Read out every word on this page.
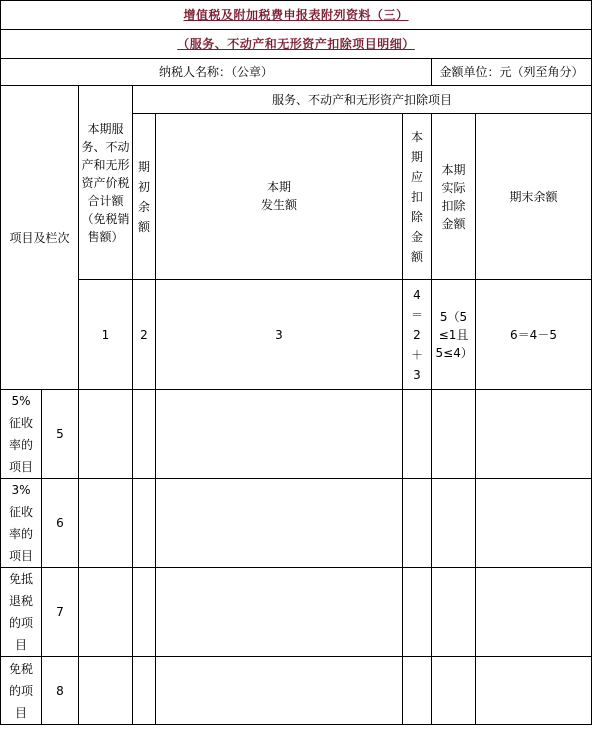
增值税及附加税费申报表附列资料（三）							
（服务、不动产和无形资产扣除项目明细）							
纳税人名称：（公章）						金额单位：元（列至角分）	
项目及栏次		本期服务、不动产和无形资产价税合计额（免税销售额）	服务、不动产和无形资产扣除项目				
			期初余额	本期
发生额	本期应扣除金额	本期实际扣除金额	期末余额
		1	2	3	4＝2＋3	5（5≤1且5≤4）	6＝4－5
5%征收率的项目	5						
3%征收率的项目	6						
免抵退税的项目	7						
免税的项目	8						
